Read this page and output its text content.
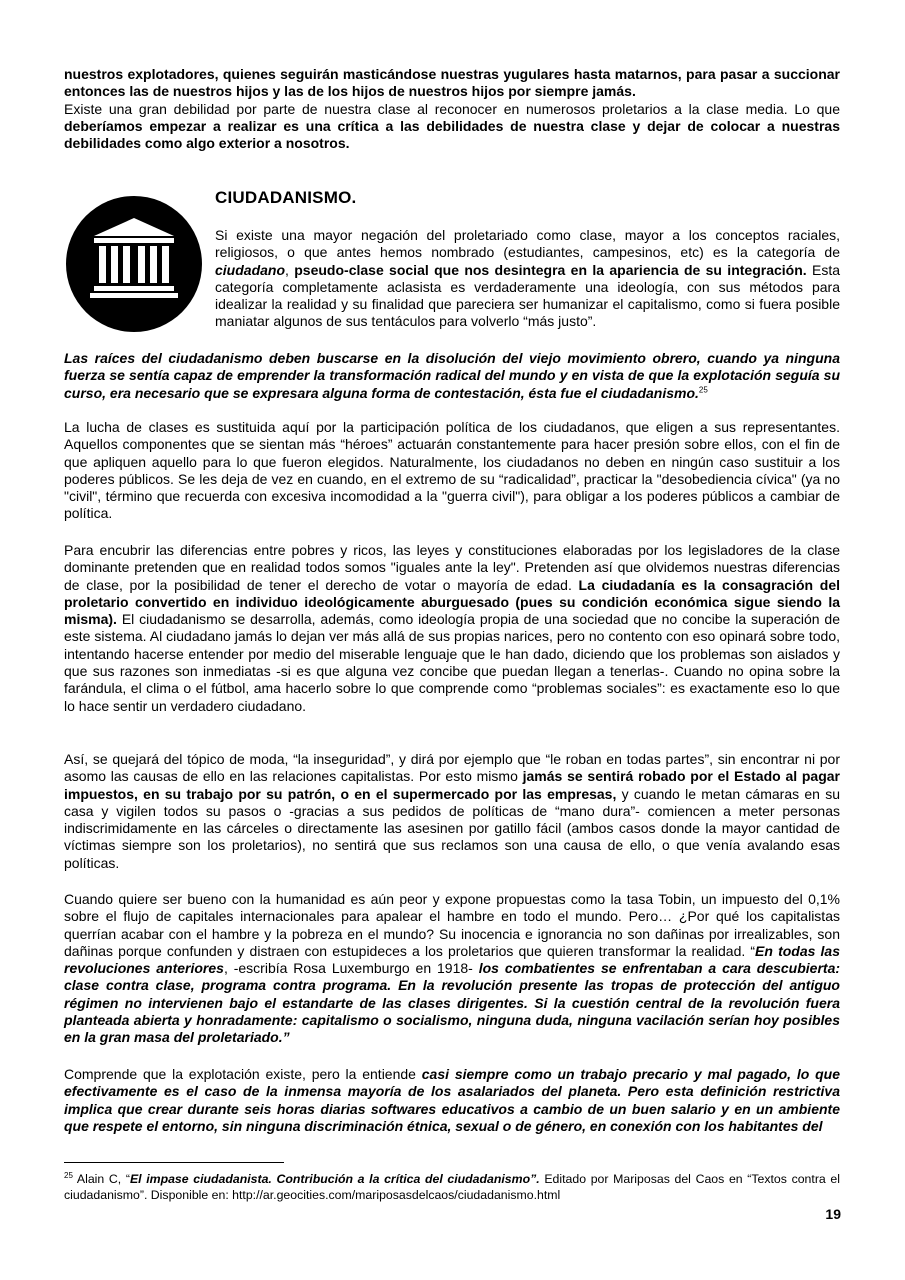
nuestros explotadores, quienes seguirán masticándose nuestras yugulares hasta matarnos, para pasar a succionar entonces las de nuestros hijos y las de los hijos de nuestros hijos por siempre jamás.
Existe una gran debilidad por parte de nuestra clase al reconocer en numerosos proletarios a la clase media. Lo que deberíamos empezar a realizar es una crítica a las debilidades de nuestra clase y dejar de colocar a nuestras debilidades como algo exterior a nosotros.

CIUDADANISMO.

Si existe una mayor negación del proletariado como clase, mayor a los conceptos raciales, religiosos, o que antes hemos nombrado (estudiantes, campesinos, etc) es la categoría de ciudadano, pseudo-clase social que nos desintegra en la apariencia de su integración. Esta categoría completamente aclasista es verdaderamente una ideología, con sus métodos para idealizar la realidad y su finalidad que pareciera ser humanizar el capitalismo, como si fuera posible maniatar algunos de sus tentáculos para volverlo “más justo”.

Las raíces del ciudadanismo deben buscarse en la disolución del viejo movimiento obrero, cuando ya ninguna fuerza se sentía capaz de emprender la transformación radical del mundo y en vista de que la explotación seguía su curso, era necesario que se expresara alguna forma de contestación, ésta fue el ciudadanismo.$^{25}$

La lucha de clases es sustituida aquí por la participación política de los ciudadanos, que eligen a sus representantes. Aquellos componentes que se sientan más “héroes” actuarán constantemente para hacer presión sobre ellos, con el fin de que apliquen aquello para lo que fueron elegidos. Naturalmente, los ciudadanos no deben en ningún caso sustituir a los poderes públicos. Se les deja de vez en cuando, en el extremo de su “radicalidad”, practicar la "desobediencia cívica" (ya no "civil", término que recuerda con excesiva incomodidad a la "guerra civil"), para obligar a los poderes públicos a cambiar de política.

Para encubrir las diferencias entre pobres y ricos, las leyes y constituciones elaboradas por los legisladores de la clase dominante pretenden que en realidad todos somos "iguales ante la ley". Pretenden así que olvidemos nuestras diferencias de clase, por la posibilidad de tener el derecho de votar o mayoría de edad. La ciudadanía es la consagración del proletario convertido en individuo ideológicamente aburguesado (pues su condición económica sigue siendo la misma). El ciudadanismo se desarrolla, además, como ideología propia de una sociedad que no concibe la superación de este sistema. Al ciudadano jamás lo dejan ver más allá de sus propias narices, pero no contento con eso opinará sobre todo, intentando hacerse entender por medio del miserable lenguaje que le han dado, diciendo que los problemas son aislados y que sus razones son inmediatas -si es que alguna vez concibe que puedan llegan a tenerlas-. Cuando no opina sobre la farándula, el clima o el fútbol, ama hacerlo sobre lo que comprende como “problemas sociales”: es exactamente eso lo que lo hace sentir un verdadero ciudadano.

Así, se quejará del tópico de moda, “la inseguridad”, y dirá por ejemplo que “le roban en todas partes”, sin encontrar ni por asomo las causas de ello en las relaciones capitalistas. Por esto mismo jamás se sentirá robado por el Estado al pagar impuestos, en su trabajo por su patrón, o en el supermercado por las empresas, y cuando le metan cámaras en su casa y vigilen todos su pasos o -gracias a sus pedidos de políticas de “mano dura”- comiencen a meter personas indiscrimidamente en las cárceles o directamente las asesinen por gatillo fácil (ambos casos donde la mayor cantidad de víctimas siempre son los proletarios), no sentirá que sus reclamos son una causa de ello, o que venía avalando esas políticas.

Cuando quiere ser bueno con la humanidad es aún peor y expone propuestas como la tasa Tobin, un impuesto del 0,1% sobre el flujo de capitales internacionales para apalear el hambre en todo el mundo. Pero… ¿Por qué los capitalistas querrían acabar con el hambre y la pobreza en el mundo? Su inocencia e ignorancia no son dañinas por irrealizables, son dañinas porque confunden y distraen con estupideces a los proletarios que quieren transformar la realidad. “En todas las revoluciones anteriores, -escribía Rosa Luxemburgo en 1918- los combatientes se enfrentaban a cara descubierta: clase contra clase, programa contra programa. En la revolución presente las tropas de protección del antiguo régimen no intervienen bajo el estandarte de las clases dirigentes. Si la cuestión central de la revolución fuera planteada abierta y honradamente: capitalismo o socialismo, ninguna duda, ninguna vacilación serían hoy posibles en la gran masa del proletariado.”

Comprende que la explotación existe, pero la entiende casi siempre como un trabajo precario y mal pagado, lo que efectivamente es el caso de la inmensa mayoría de los asalariados del planeta. Pero esta definición restrictiva implica que crear durante seis horas diarias softwares educativos a cambio de un buen salario y en un ambiente que respete el entorno, sin ninguna discriminación étnica, sexual o de género, en conexión con los habitantes del

$^{25}$ Alain C, “El impase ciudadanista. Contribución a la crítica del ciudadanismo”. Editado por Mariposas del Caos en “Textos contra el ciudadanismo”. Disponible en: http://ar.geocities.com/mariposasdelcaos/ciudadanismo.html

19
